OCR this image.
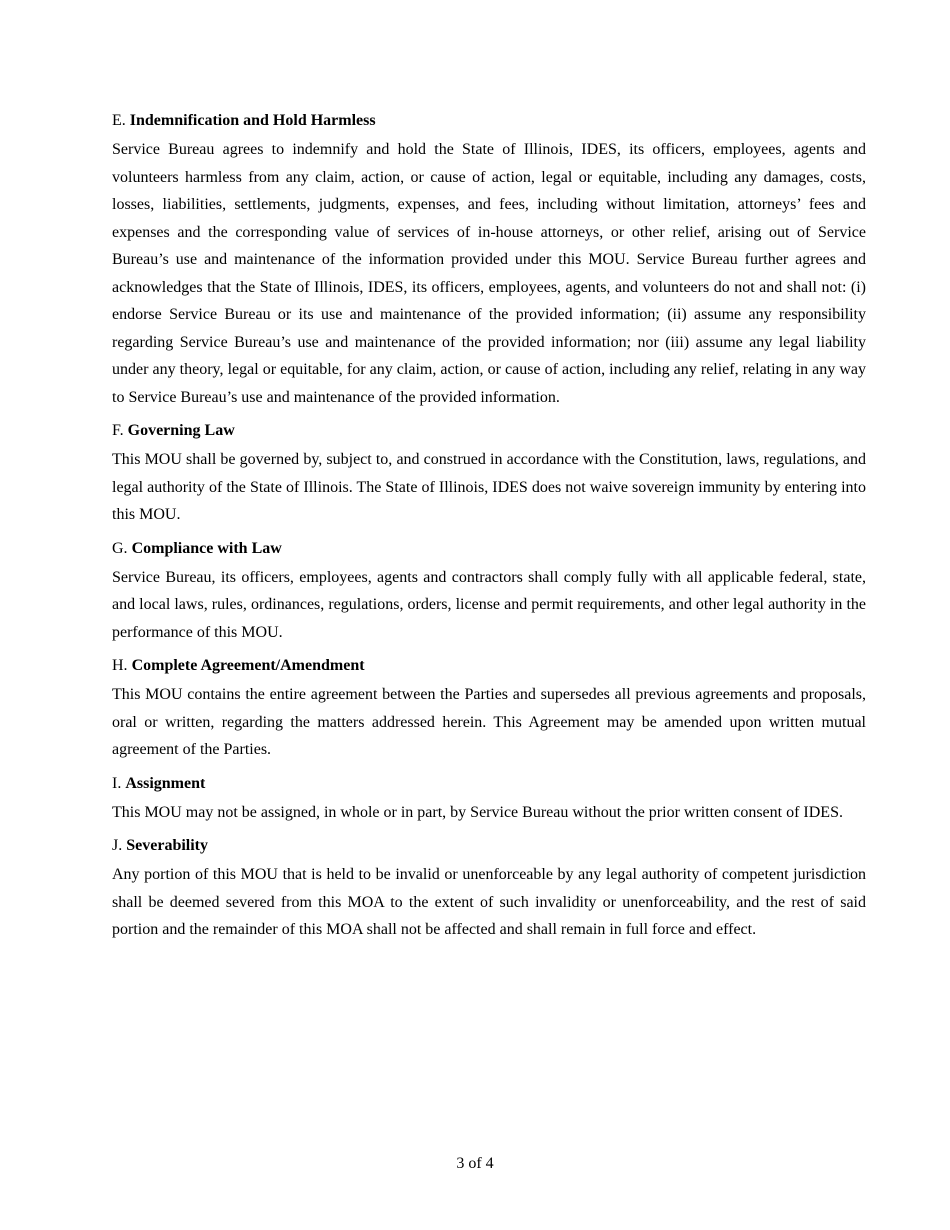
E. Indemnification and Hold Harmless

Service Bureau agrees to indemnify and hold the State of Illinois, IDES, its officers, employees, agents and volunteers harmless from any claim, action, or cause of action, legal or equitable, including any damages, costs, losses, liabilities, settlements, judgments, expenses, and fees, including without limitation, attorneys’ fees and expenses and the corresponding value of services of in-house attorneys, or other relief, arising out of Service Bureau’s use and maintenance of the information provided under this MOU. Service Bureau further agrees and acknowledges that the State of Illinois, IDES, its officers, employees, agents, and volunteers do not and shall not: (i) endorse Service Bureau or its use and maintenance of the provided information; (ii) assume any responsibility regarding Service Bureau’s use and maintenance of the provided information; nor (iii) assume any legal liability under any theory, legal or equitable, for any claim, action, or cause of action, including any relief, relating in any way to Service Bureau’s use and maintenance of the provided information.

F. Governing Law

This MOU shall be governed by, subject to, and construed in accordance with the Constitution, laws, regulations, and legal authority of the State of Illinois. The State of Illinois, IDES does not waive sovereign immunity by entering into this MOU.

G. Compliance with Law

Service Bureau, its officers, employees, agents and contractors shall comply fully with all applicable federal, state, and local laws, rules, ordinances, regulations, orders, license and permit requirements, and other legal authority in the performance of this MOU.

H. Complete Agreement/Amendment

This MOU contains the entire agreement between the Parties and supersedes all previous agreements and proposals, oral or written, regarding the matters addressed herein. This Agreement may be amended upon written mutual agreement of the Parties.

I. Assignment

This MOU may not be assigned, in whole or in part, by Service Bureau without the prior written consent of IDES.

J. Severability

Any portion of this MOU that is held to be invalid or unenforceable by any legal authority of competent jurisdiction shall be deemed severed from this MOA to the extent of such invalidity or unenforceability, and the rest of said portion and the remainder of this MOA shall not be affected and shall remain in full force and effect.

3 of 4
